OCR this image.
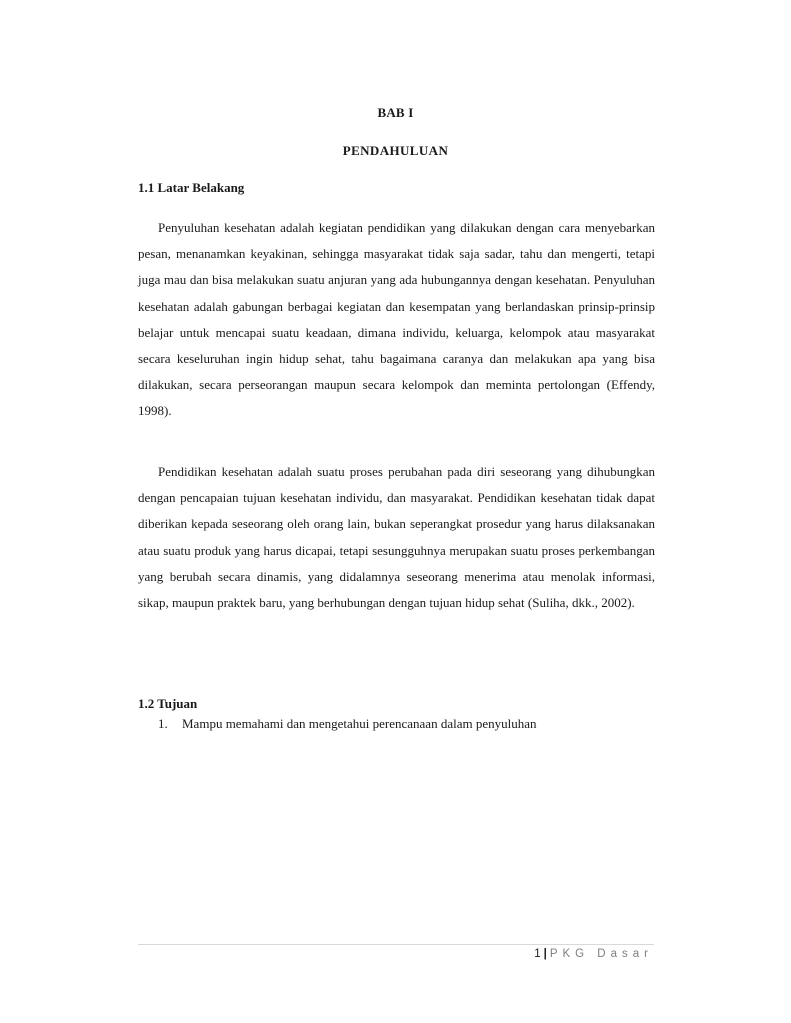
BAB I
PENDAHULUAN
1.1 Latar Belakang

Penyuluhan kesehatan adalah kegiatan pendidikan yang dilakukan dengan cara menyebarkan pesan, menanamkan keyakinan, sehingga masyarakat tidak saja sadar, tahu dan mengerti, tetapi juga mau dan bisa melakukan suatu anjuran yang ada hubungannya dengan kesehatan. Penyuluhan kesehatan adalah gabungan berbagai kegiatan dan kesempatan yang berlandaskan prinsip-prinsip belajar untuk mencapai suatu keadaan, dimana individu, keluarga, kelompok atau masyarakat secara keseluruhan ingin hidup sehat, tahu bagaimana caranya dan melakukan apa yang bisa dilakukan, secara perseorangan maupun secara kelompok dan meminta pertolongan (Effendy, 1998).

Pendidikan kesehatan adalah suatu proses perubahan pada diri seseorang yang dihubungkan dengan pencapaian tujuan kesehatan individu, dan masyarakat. Pendidikan kesehatan tidak dapat diberikan kepada seseorang oleh orang lain, bukan seperangkat prosedur yang harus dilaksanakan atau suatu produk yang harus dicapai, tetapi sesungguhnya merupakan suatu proses perkembangan yang berubah secara dinamis, yang didalamnya seseorang menerima atau menolak informasi, sikap, maupun praktek baru, yang berhubungan dengan tujuan hidup sehat (Suliha, dkk., 2002).

1.2 Tujuan
1.	Mampu memahami dan mengetahui perencanaan dalam penyuluhan
1 | PKG Dasar
